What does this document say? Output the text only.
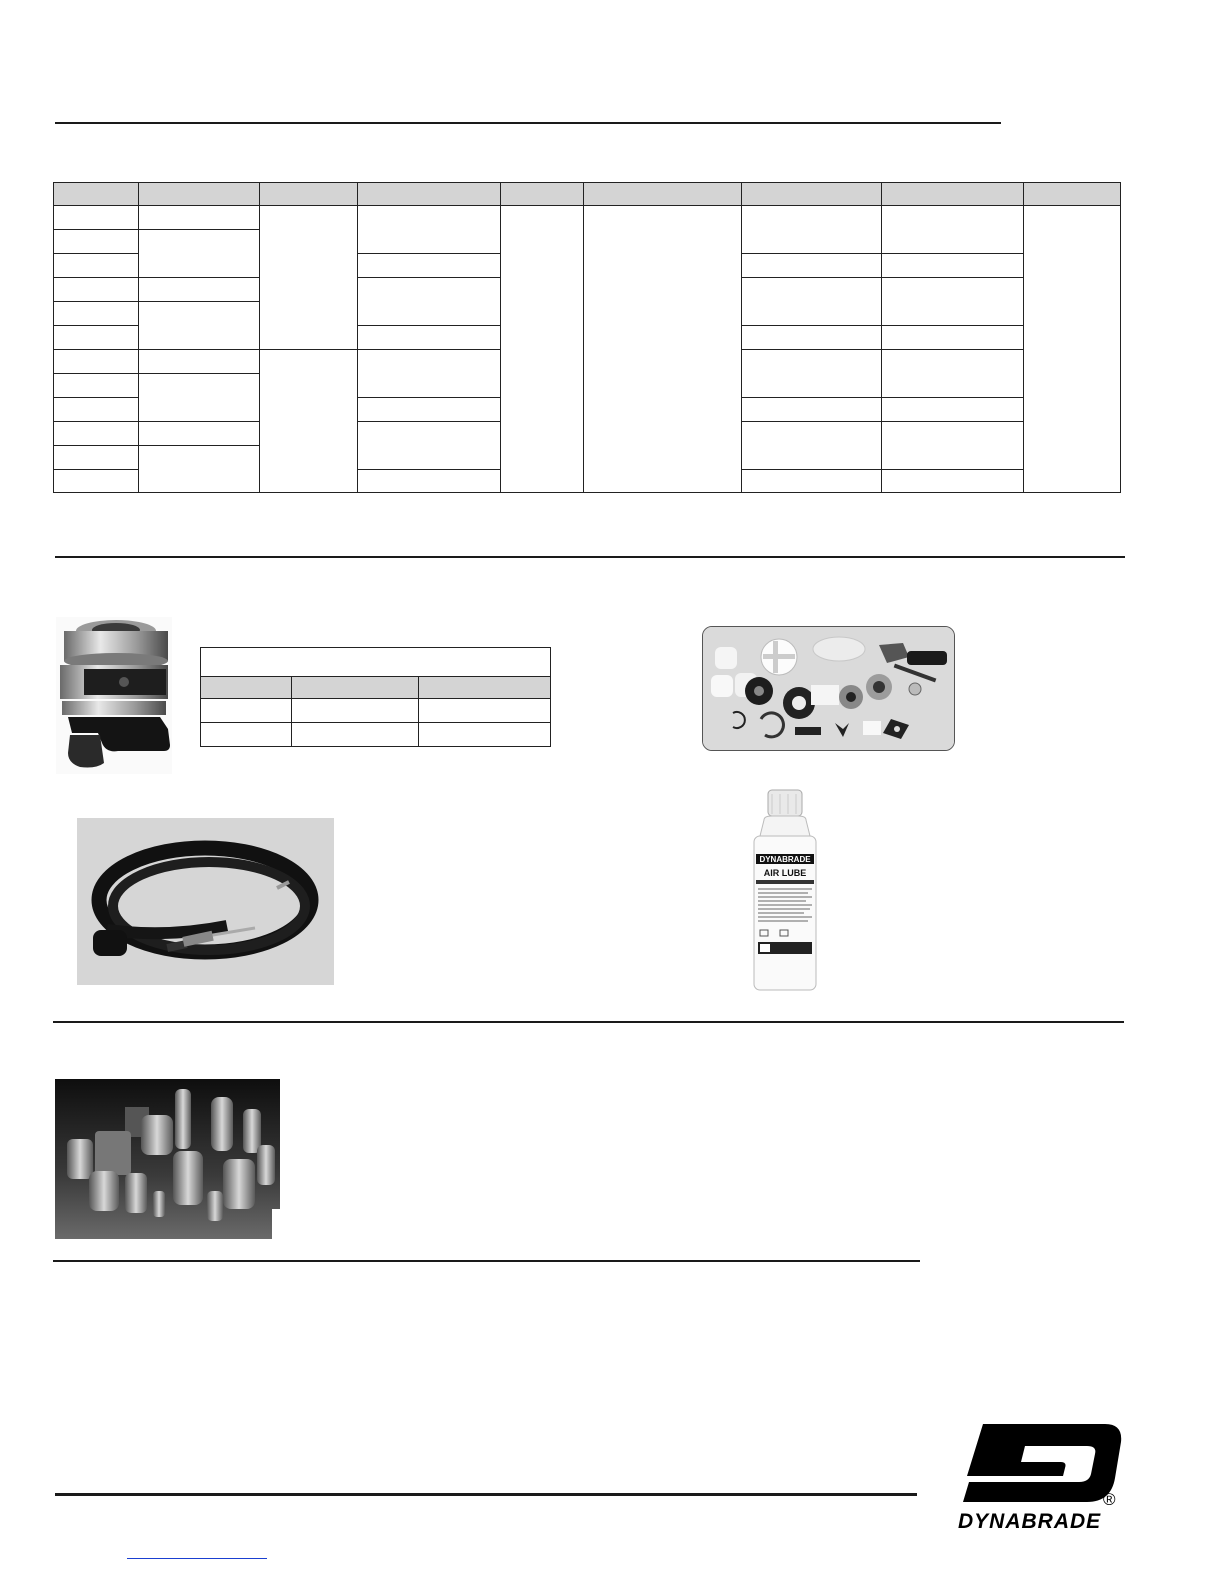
DYNABRADE
AIR LUBE
®
DYNABRADE
